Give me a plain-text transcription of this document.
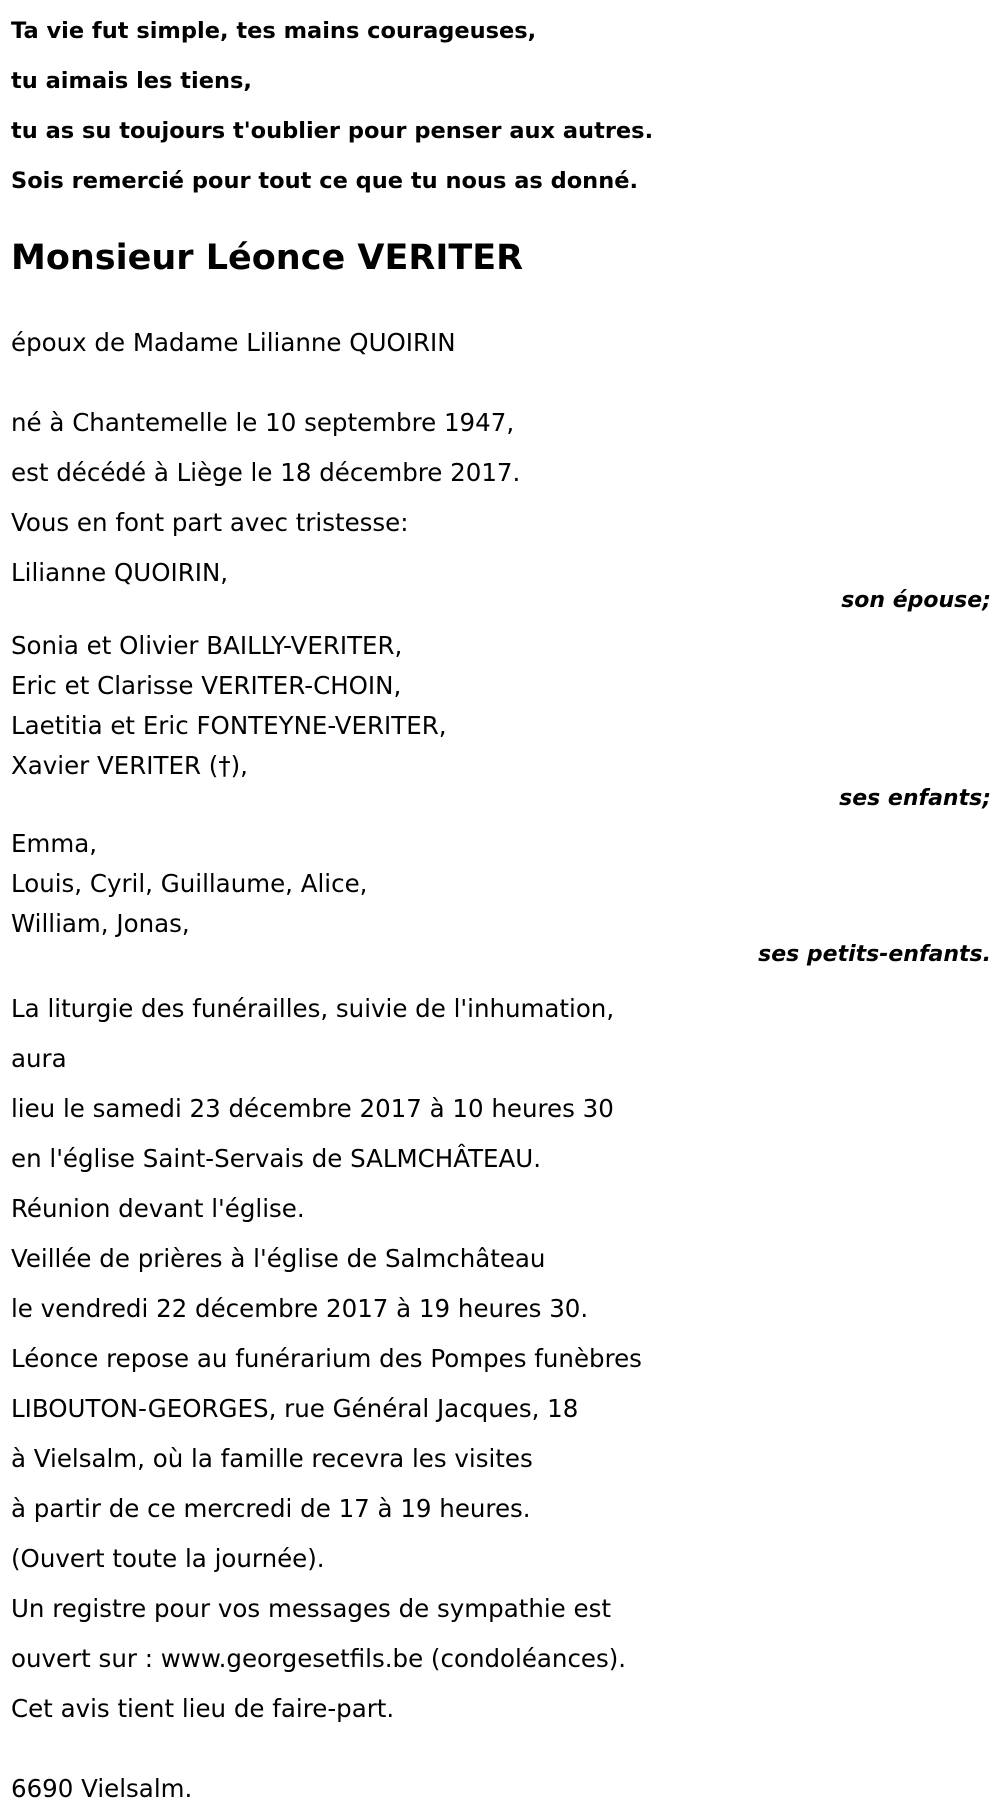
Ta vie fut simple, tes mains courageuses,
tu aimais les tiens,
tu as su toujours t'oublier pour penser aux autres.
Sois remercié pour tout ce que tu nous as donné.
Monsieur Léonce VERITER
époux de Madame Lilianne QUOIRIN
né à Chantemelle le 10 septembre 1947,
est décédé à Liège le 18 décembre 2017.
Vous en font part avec tristesse:
Lilianne QUOIRIN,
son épouse;
Sonia et Olivier BAILLY-VERITER,
Eric et Clarisse VERITER-CHOIN,
Laetitia et Eric FONTEYNE-VERITER,
Xavier VERITER (†),
ses enfants;
Emma,
Louis, Cyril, Guillaume, Alice,
William, Jonas,
ses petits-enfants.
La liturgie des funérailles, suivie de l'inhumation,
aura
lieu le samedi 23 décembre 2017 à 10 heures 30
en l'église Saint-Servais de SALMCHÂTEAU.
Réunion devant l'église.
Veillée de prières à l'église de Salmchâteau
le vendredi 22 décembre 2017 à 19 heures 30.
Léonce repose au funérarium des Pompes funèbres
LIBOUTON-GEORGES, rue Général Jacques, 18
à Vielsalm, où la famille recevra les visites
à partir de ce mercredi de 17 à 19 heures.
(Ouvert toute la journée).
Un registre pour vos messages de sympathie est
ouvert sur : www.georgesetfils.be (condoléances).
Cet avis tient lieu de faire-part.
6690 Vielsalm.
